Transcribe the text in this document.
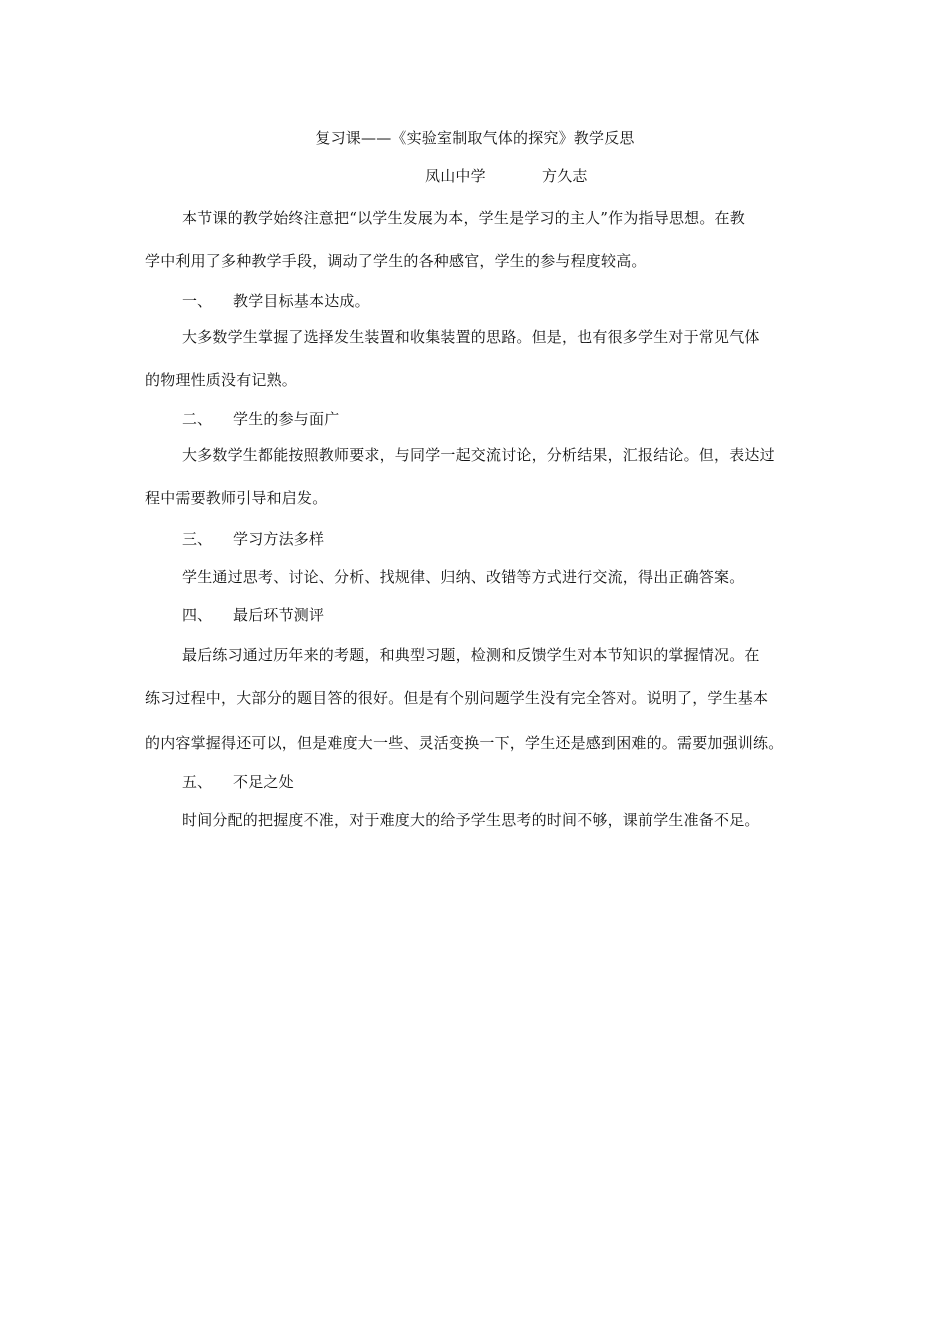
复习课——《实验室制取气体的探究》教学反思
凤山中学	方久志
本节课的教学始终注意把“以学生发展为本，学生是学习的主人”作为指导思想。在教
学中利用了多种教学手段，调动了学生的各种感官，学生的参与程度较高。
一、 教学目标基本达成。
大多数学生掌握了选择发生装置和收集装置的思路。但是，也有很多学生对于常见气体
的物理性质没有记熟。
二、 学生的参与面广
大多数学生都能按照教师要求，与同学一起交流讨论，分析结果，汇报结论。但，表达过
程中需要教师引导和启发。
三、 学习方法多样
学生通过思考、讨论、分析、找规律、归纳、改错等方式进行交流，得出正确答案。
四、 最后环节测评
最后练习通过历年来的考题，和典型习题，检测和反馈学生对本节知识的掌握情况。在
练习过程中，大部分的题目答的很好。但是有个别问题学生没有完全答对。说明了，学生基本
的内容掌握得还可以，但是难度大一些、灵活变换一下，学生还是感到困难的。需要加强训练。
五、 不足之处
时间分配的把握度不准，对于难度大的给予学生思考的时间不够，课前学生准备不足。
